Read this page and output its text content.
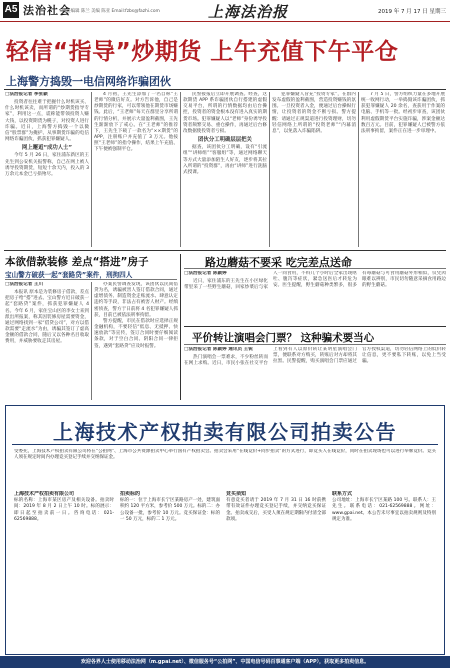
A5 法治社会
责任编辑 陈兰 美编 陈亚 Email:fzbs@fazhi.com	上海法治报	2019 年 7 月 17 日 星期三
轻信“指导”炒期货 上午充值下午平仓
上海警方捣毁一电信网络诈骗团伙
□法治报记者 季张颖

投资者往往难于把握什么时机该买、什么时机该卖，而所谓的“炒期货指导专家”，利用这一点，谎称能带领投资人赚大钱，以投资期货为幌子，对投资人进行诈骗。近日，上海警方捣毁一个以微信“股票群”为掩护、从事期货诈骗的电信网络诈骗团伙，抓获犯罪嫌疑人。

网上邂逅“成功人士”

今年 5 月 26 日，家住浦东新区的王先生到公安机关报警称，自己在网上被人诱导投资期货，短短十余天内，投入的 3 万余元本金已亏损殆尽。

4 月初，王先生添加了一名自称“王老师”的微信好友。对方告诉他，自己是炒期货的行家，可以带领他在期货市场赚钱。此后，“王老师”每天在群里分享所谓的行情分析，并展示大量盈利截图，王先生渐渐放下了戒心。在“王老师”的推荐下，王先生下载了一款名为“××期货”的 APP，注册账户并充值了 3 万元。他按照“王老师”的指令操作，结果上午充值、下午便被强制平仓。

民警接报后立即开展调查。经查，这款期货 APP 系诈骗团伙自行搭建的虚假交易平台，所谓的行情数据均由后台操控，投资者的资金根本没有进入真实的期货市场。犯罪嫌疑人以“老师”身份诱导投资者频繁交易、重仓操作，再通过后台修改数据使投资者亏损。

团伙分工明确层层把关

据查，该团伙分工明确，设有“引流组”“讲师组”“客服组”等，通过网络聊天等方式大量添加陌生人好友，逐步将其拉入所谓的“投资群”，再由“讲师”进行洗脑式授课。

犯罪嫌疑人冒充“投资专家”，在群内发布虚假的盈利截图，营造投资赚钱的氛围。一旦投资者入金，便通过后台操纵行情，让投资者的资金不断亏损。警方提醒：请通过正规渠道进行投资理财，切勿轻信网络上所谓的“投资老师”“内幕消息”，以免落入诈骗陷阱。

7 月 5 日，警方组织力量在多地开展统一收网行动，一举捣毁该诈骗团伙，抓获犯罪嫌疑人 20 余名，查获用于作案的电脑、手机等一批。经初步审查，该团伙利用虚假期货平台实施诈骗，涉案金额达数百万元。目前，犯罪嫌疑人已被警方依法刑事拘留，案件正在进一步审理中。

本欲借款装修 差点“搭进”房子
宝山警方破获一起“套路贷”案件，刑拘四人
□法治报记者 王川

本报讯 原本是为装修房子借款，差点把房子给“搭”进去。宝山警方近日破获一起“套路贷”案件，抓获犯罪嫌疑人 4 名。今年 6 月，家住宝山区的李女士来到派出所报案，称其因装修房屋需要资金，通过网络找到一家“借贷公司”，对方以借款需要“走流水”为由，诱骗其签订了虚高金额的借款合同，随后又以各种名目收取费用，并威胁要收走其房屋。

办案民警调查发现，该团伙以民间借贷为名，诱骗被害人签订借款合同，通过虚增债务、制造资金走账流水、肆意认定违约等手段，非法占有被害人财产。经缜密侦查，警方于日前将 4 名犯罪嫌疑人抓获，目前已被依法刑事拘留。

警方提醒，市民在借款时应选择正规金融机构，不要轻信“低息、无抵押、快速放款”等宣传，签订合同时要仔细阅读条款，对于空白合同、阴阳合同一律拒签，遇到“套路贷”应及时报警。

路边蘑菇不要采 吃完差点送命
□法治报记者 陈颖婷

近日，家住浦东的王先生在小区绿化带里采了一些野生蘑菇，回家炒菜后与家人一同食用，不料几个小时后全家出现呕吐、腹泻等症状，紧急送医后才转危为安。医生提醒，野生蘑菇种类繁多，很多有毒蘑菇与可食用蘑菇外形相似，仅凭肉眼难以辨别，市民切勿随意采摘食用路边的野生蘑菇。

平价转让演唱会门票？ 这种骗术要当心
□法治报记者 陈颖婷 通讯员 王锐

热门演唱会一票难求，不少粉丝转而在网上求购。近日，市民小张在社交平台上看到有人以原价转让某明星演唱会门票，便联系对方购买，转账后对方却将其拉黑。民警提醒，购买演唱会门票应通过官方授权渠道，切勿轻信网络上的低价转让信息，更不要私下转账，以免上当受骗。

上海技术产权拍卖有限公司拍卖公告

受委托，上海技术产权拍卖有限公司将在“公拍网”、上海市公共资源拍卖中心举行国有产权拍卖会。拍卖会采用“在线竞价+同步拍卖”的方式进行，即竞买人在线竞价，同时在拍卖现场也可以进行举牌竞价。竞买人须在规定时间内办理竞买登记手续并交纳保证金。

上海技术产权拍卖有限公司

标的名称：上海市某区房产及相关设备。拍卖时间：2019 年 8 月 2 日上午 10 时。标的展示：即日起至拍卖前一日。咨询电话：021-62569888。

拍卖标的

标的一：位于上海市长宁区某路房产一处，建筑面积约 120 平方米，参考价 500 万元。标的二：办公设备一批，参考价 10 万元。竞买保证金：标的一 50 万元，标的二 1 万元。

竞买须知

有意竞买者请于 2019 年 7 月 31 日 16 时前携带有效证件办理竞买登记手续，并交纳竞买保证金。拍卖成交后，买受人须在规定期限内付清全部款项。

联系方式

公司地址：上海市长宁区某路 100 号。联系人：王先生。联系电话：021-62569888。网址：www.gpai.net。本公告未尽事宜以拍卖规则及特别规定为准。

欢迎各界人士使用移动法治网（m.gpai.net）、微信服务号“公拍网”、中国电信号码百事通客户端（APP），获取更多拍卖信息。
